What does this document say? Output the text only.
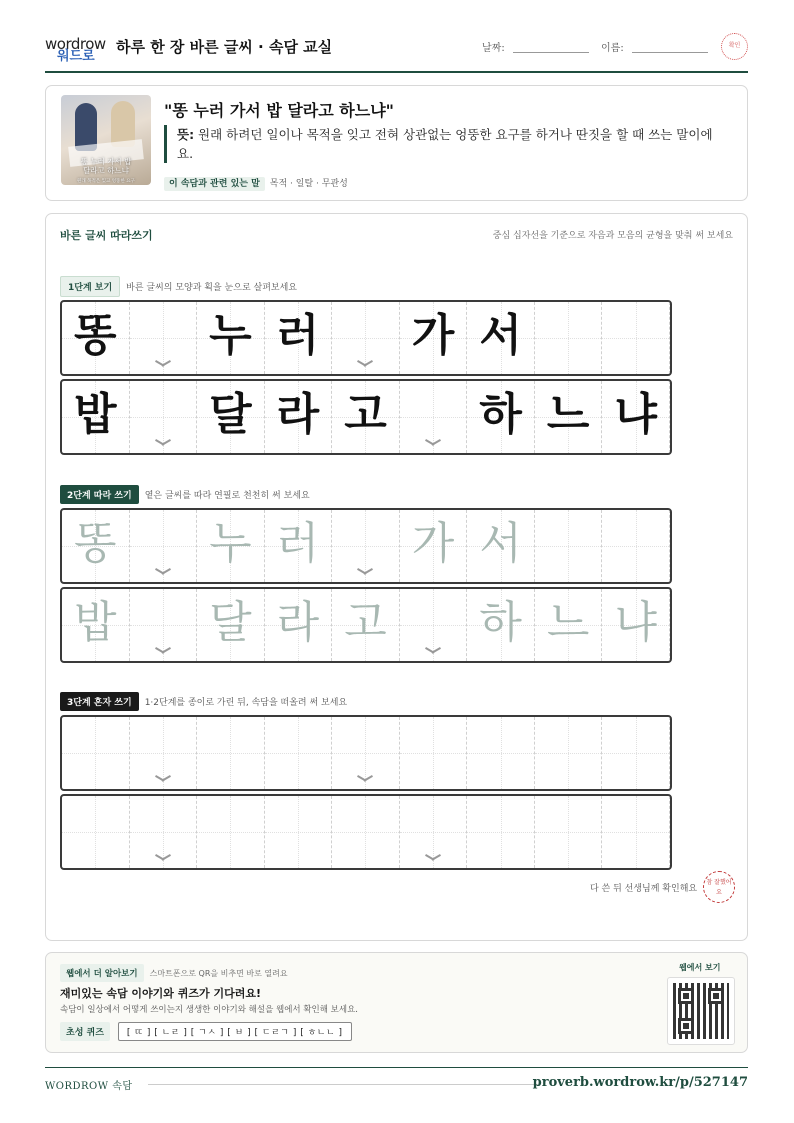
wordrow
워드로
하루 한 장 바른 글씨 · 속담 교실	날짜:	이름:	확인
똥 누러 가서 밥
달라고 하느냐
원래 목적은 잊고 엉뚱한 요구
"똥 누러 가서 밥 달라고 하느냐"
뜻: 원래 하려던 일이나 목적을 잊고 전혀 상관없는 엉뚱한 요구를 하거나 딴짓을 할 때 쓰는 말이에요.
이 속담과 관련 있는 말 목적 · 일탈 · 무관성
바른 글씨 따라쓰기	중심 십자선을 기준으로 자음과 모음의 균형을 맞춰 써 보세요
1단계 보기 바른 글씨의 모양과 획을 눈으로 살펴보세요
똥 누 러 가 서
밥 달 라 고 하 느 냐
2단계 따라 쓰기 옅은 글씨를 따라 연필로 천천히 써 보세요
똥 누 러 가 서
밥 달 라 고 하 느 냐
3단계 혼자 쓰기 1·2단계를 종이로 가린 뒤, 속담을 떠올려 써 보세요
다 쓴 뒤 선생님께 확인해요
참 잘했어요
웹에서 더 알아보기 스마트폰으로 QR을 비추면 바로 열려요
재미있는 속담 이야기와 퀴즈가 기다려요!
속담이 일상에서 어떻게 쓰이는지 생생한 이야기와 해설을 웹에서 확인해 보세요.
초성 퀴즈	[ ㄸ ] [ ㄴㄹ ] [ ㄱㅅ ] [ ㅂ ] [ ㄷㄹㄱ ] [ ㅎㄴㄴ ]
웹에서 보기
WORDROW 속담	proverb.wordrow.kr/p/527147
